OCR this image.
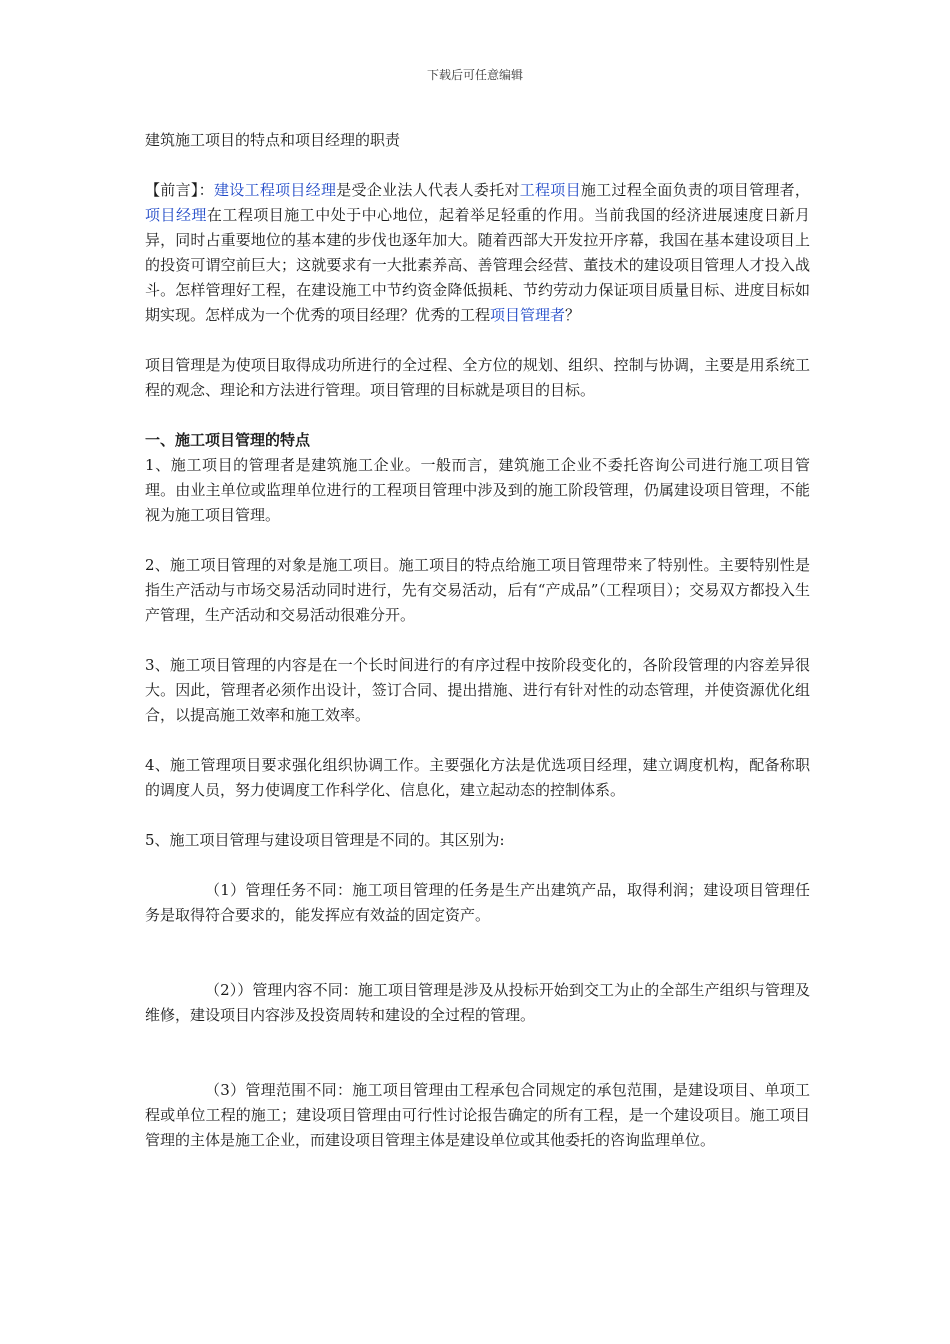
下载后可任意编辑

建筑施工项目的特点和项目经理的职责

【前言】：建设工程项目经理是受企业法人代表人委托对工程项目施工过程全面负责的项目管理者，项目经理在工程项目施工中处于中心地位，起着举足轻重的作用。当前我国的经济进展速度日新月异，同时占重要地位的基本建的步伐也逐年加大。随着西部大开发拉开序幕，我国在基本建设项目上的投资可谓空前巨大；这就要求有一大批素养高、善管理会经营、董技术的建设项目管理人才投入战斗。怎样管理好工程，在建设施工中节约资金降低损耗、节约劳动力保证项目质量目标、进度目标如期实现。怎样成为一个优秀的项目经理？优秀的工程项目管理者？

项目管理是为使项目取得成功所进行的全过程、全方位的规划、组织、控制与协调，主要是用系统工程的观念、理论和方法进行管理。项目管理的目标就是项目的目标。

一、施工项目管理的特点

1、施工项目的管理者是建筑施工企业。一般而言，建筑施工企业不委托咨询公司进行施工项目管理。由业主单位或监理单位进行的工程项目管理中涉及到的施工阶段管理，仍属建设项目管理，不能视为施工项目管理。

2、施工项目管理的对象是施工项目。施工项目的特点给施工项目管理带来了特别性。主要特别性是指生产活动与市场交易活动同时进行，先有交易活动，后有“产成品”（工程项目）；交易双方都投入生产管理，生产活动和交易活动很难分开。

3、施工项目管理的内容是在一个长时间进行的有序过程中按阶段变化的，各阶段管理的内容差异很大。因此，管理者必须作出设计，签订合同、提出措施、进行有针对性的动态管理，并使资源优化组合，以提高施工效率和施工效率。

4、施工管理项目要求强化组织协调工作。主要强化方法是优选项目经理，建立调度机构，配备称职的调度人员，努力使调度工作科学化、信息化，建立起动态的控制体系。

5、施工项目管理与建设项目管理是不同的。其区别为:

（1）管理任务不同：施工项目管理的任务是生产出建筑产品，取得利润；建设项目管理任务是取得符合要求的，能发挥应有效益的固定资产。

（2））管理内容不同：施工项目管理是涉及从投标开始到交工为止的全部生产组织与管理及维修，建设项目内容涉及投资周转和建设的全过程的管理。

（3）管理范围不同：施工项目管理由工程承包合同规定的承包范围，是建设项目、单项工程或单位工程的施工；建设项目管理由可行性讨论报告确定的所有工程，是一个建设项目。施工项目管理的主体是施工企业，而建设项目管理主体是建设单位或其他委托的咨询监理单位。
